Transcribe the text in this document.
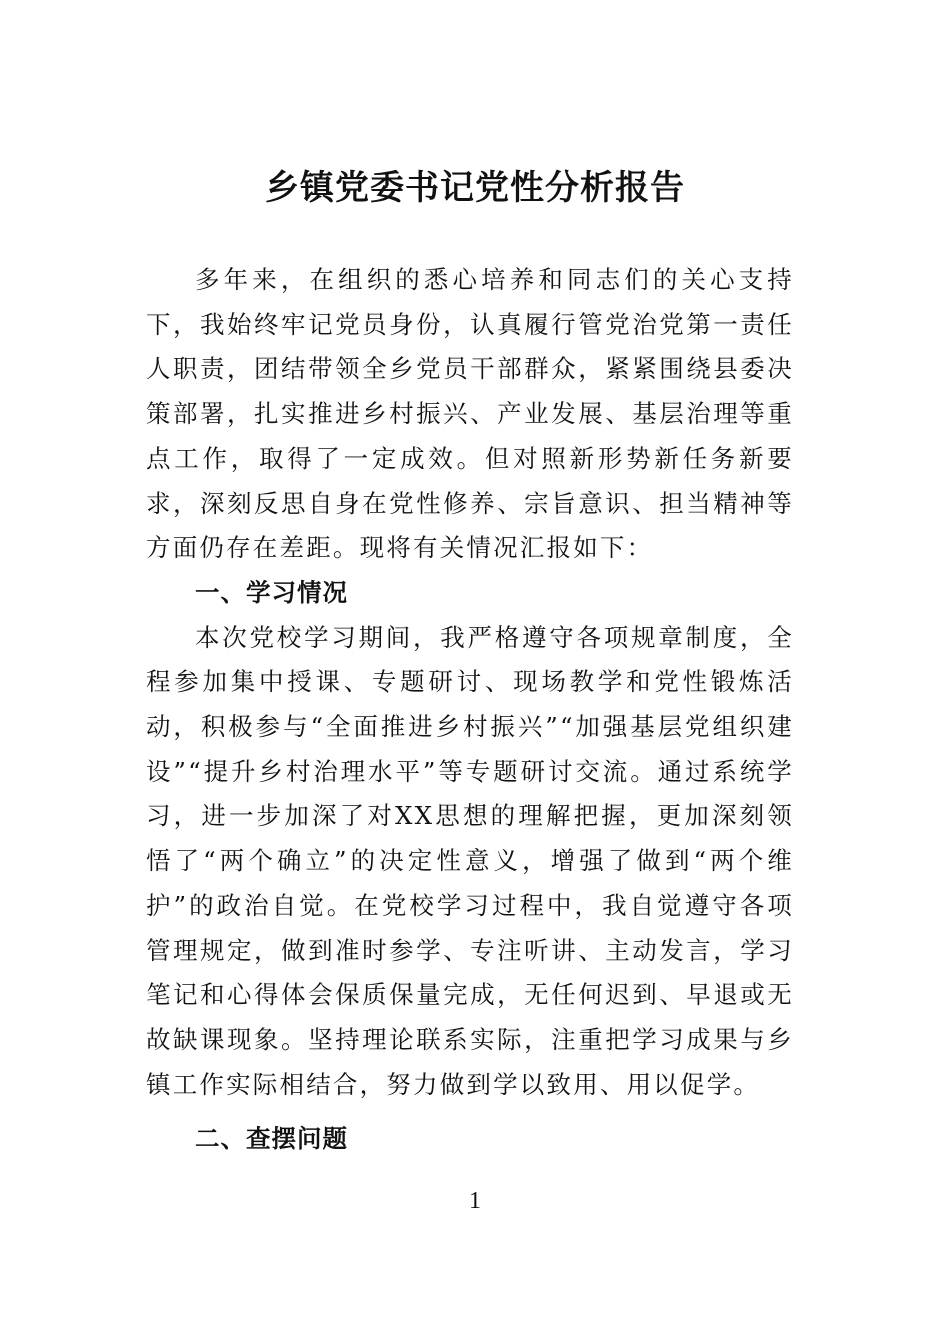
乡镇党委书记党性分析报告

多年来，在组织的悉心培养和同志们的关心支持下，我始终牢记党员身份，认真履行管党治党第一责任人职责，团结带领全乡党员干部群众，紧紧围绕县委决策部署，扎实推进乡村振兴、产业发展、基层治理等重点工作，取得了一定成效。但对照新形势新任务新要求，深刻反思自身在党性修养、宗旨意识、担当精神等方面仍存在差距。现将有关情况汇报如下：

一、学习情况

本次党校学习期间，我严格遵守各项规章制度，全程参加集中授课、专题研讨、现场教学和党性锻炼活动，积极参与“全面推进乡村振兴”“加强基层党组织建设”“提升乡村治理水平”等专题研讨交流。通过系统学习，进一步加深了对XX思想的理解把握，更加深刻领悟了“两个确立”的决定性意义，增强了做到“两个维护”的政治自觉。在党校学习过程中，我自觉遵守各项管理规定，做到准时参学、专注听讲、主动发言，学习笔记和心得体会保质保量完成，无任何迟到、早退或无故缺课现象。坚持理论联系实际，注重把学习成果与乡镇工作实际相结合，努力做到学以致用、用以促学。

二、查摆问题
1
